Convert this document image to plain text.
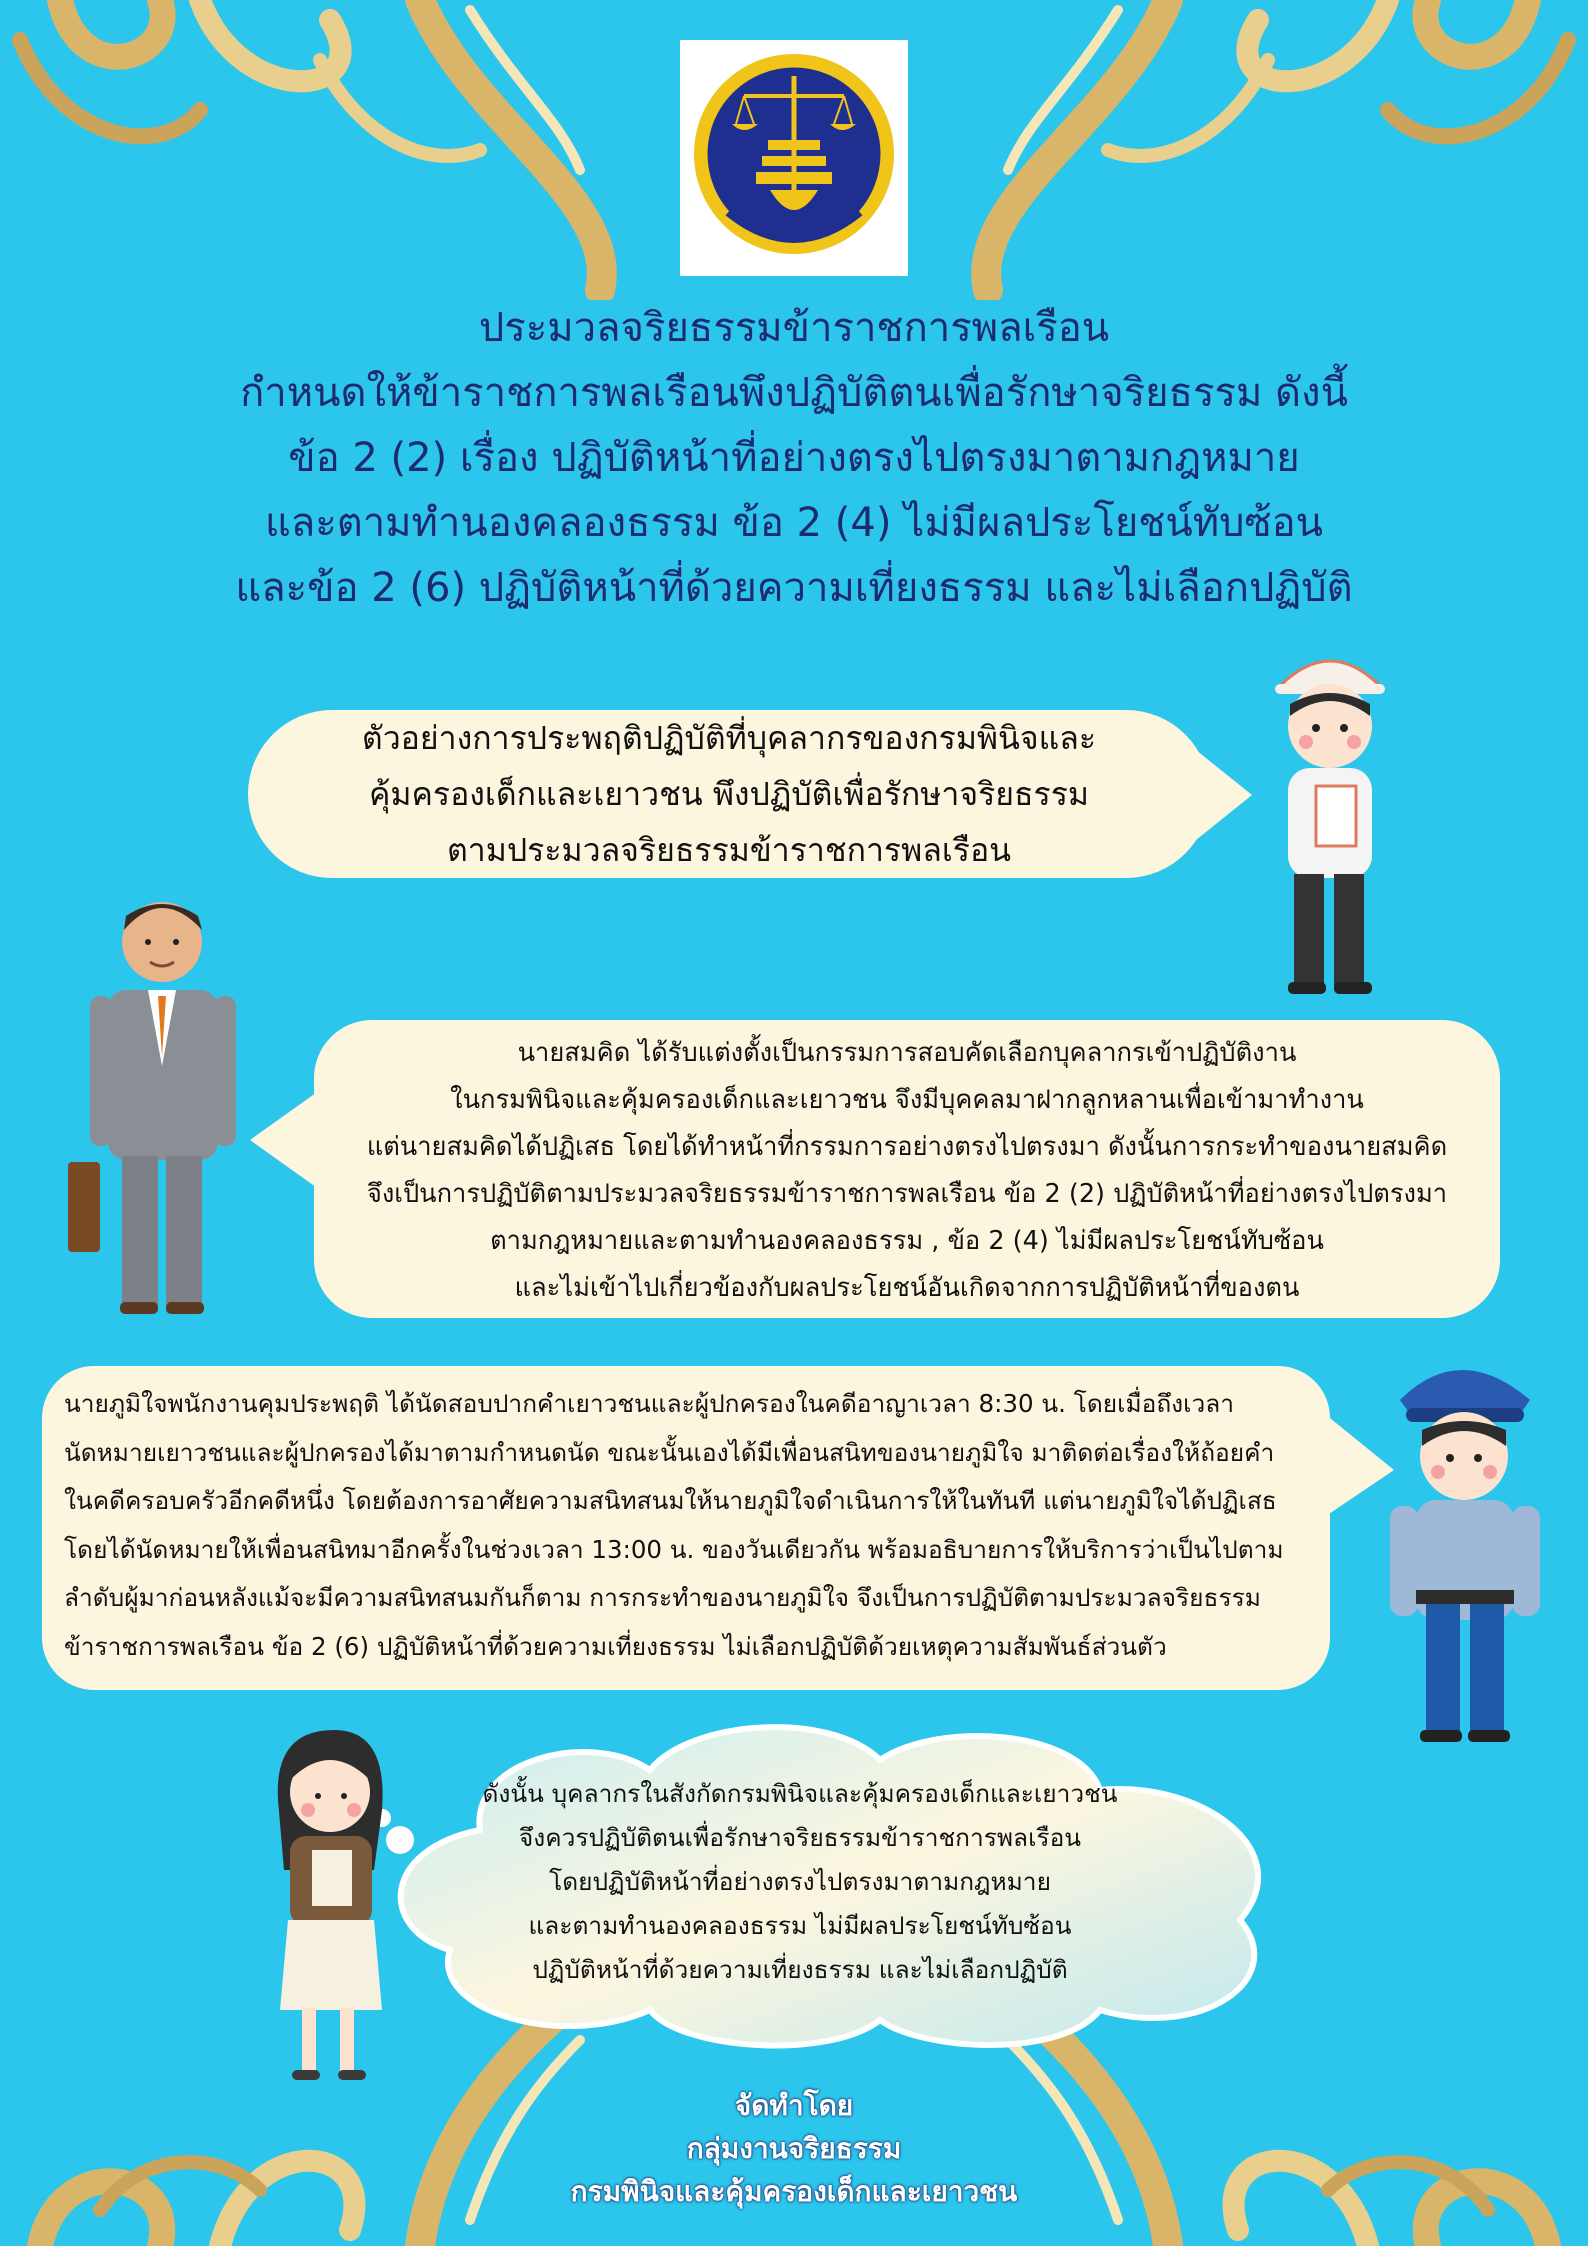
ประมวลจริยธรรมข้าราชการพลเรือน
กำหนดให้ข้าราชการพลเรือนพึงปฏิบัติตนเพื่อรักษาจริยธรรม ดังนี้
ข้อ 2 (2) เรื่อง ปฏิบัติหน้าที่อย่างตรงไปตรงมาตามกฎหมาย
และตามทำนองคลองธรรม ข้อ 2 (4) ไม่มีผลประโยชน์ทับซ้อน
และข้อ 2 (6) ปฏิบัติหน้าที่ด้วยความเที่ยงธรรม และไม่เลือกปฏิบัติ
ตัวอย่างการประพฤติปฏิบัติที่บุคลากรของกรมพินิจและ
คุ้มครองเด็กและเยาวชน พึงปฏิบัติเพื่อรักษาจริยธรรม
ตามประมวลจริยธรรมข้าราชการพลเรือน
นายสมคิด ได้รับแต่งตั้งเป็นกรรมการสอบคัดเลือกบุคลากรเข้าปฏิบัติงาน
ในกรมพินิจและคุ้มครองเด็กและเยาวชน จึงมีบุคคลมาฝากลูกหลานเพื่อเข้ามาทำงาน
แต่นายสมคิดได้ปฏิเสธ โดยได้ทำหน้าที่กรรมการอย่างตรงไปตรงมา ดังนั้นการกระทำของนายสมคิด
จึงเป็นการปฏิบัติตามประมวลจริยธรรมข้าราชการพลเรือน ข้อ 2 (2) ปฏิบัติหน้าที่อย่างตรงไปตรงมา
ตามกฎหมายและตามทำนองคลองธรรม , ข้อ 2 (4) ไม่มีผลประโยชน์ทับซ้อน
และไม่เข้าไปเกี่ยวข้องกับผลประโยชน์อันเกิดจากการปฏิบัติหน้าที่ของตน
นายภูมิใจพนักงานคุมประพฤติ ได้นัดสอบปากคำเยาวชนและผู้ปกครองในคดีอาญาเวลา 8:30 น. โดยเมื่อถึงเวลา
นัดหมายเยาวชนและผู้ปกครองได้มาตามกำหนดนัด ขณะนั้นเองได้มีเพื่อนสนิทของนายภูมิใจ มาติดต่อเรื่องให้ถ้อยคำ
ในคดีครอบครัวอีกคดีหนึ่ง โดยต้องการอาศัยความสนิทสนมให้นายภูมิใจดำเนินการให้ในทันที แต่นายภูมิใจได้ปฏิเสธ
โดยได้นัดหมายให้เพื่อนสนิทมาอีกครั้งในช่วงเวลา 13:00 น. ของวันเดียวกัน พร้อมอธิบายการให้บริการว่าเป็นไปตาม
ลำดับผู้มาก่อนหลังแม้จะมีความสนิทสนมกันก็ตาม การกระทำของนายภูมิใจ จึงเป็นการปฏิบัติตามประมวลจริยธรรม
ข้าราชการพลเรือน ข้อ 2 (6) ปฏิบัติหน้าที่ด้วยความเที่ยงธรรม ไม่เลือกปฏิบัติด้วยเหตุความสัมพันธ์ส่วนตัว
ดังนั้น บุคลากรในสังกัดกรมพินิจและคุ้มครองเด็กและเยาวชน
จึงควรปฏิบัติตนเพื่อรักษาจริยธรรมข้าราชการพลเรือน
โดยปฏิบัติหน้าที่อย่างตรงไปตรงมาตามกฎหมาย
และตามทำนองคลองธรรม ไม่มีผลประโยชน์ทับซ้อน
ปฏิบัติหน้าที่ด้วยความเที่ยงธรรม และไม่เลือกปฏิบัติ
จัดทำโดย
กลุ่มงานจริยธรรม
กรมพินิจและคุ้มครองเด็กและเยาวชน
